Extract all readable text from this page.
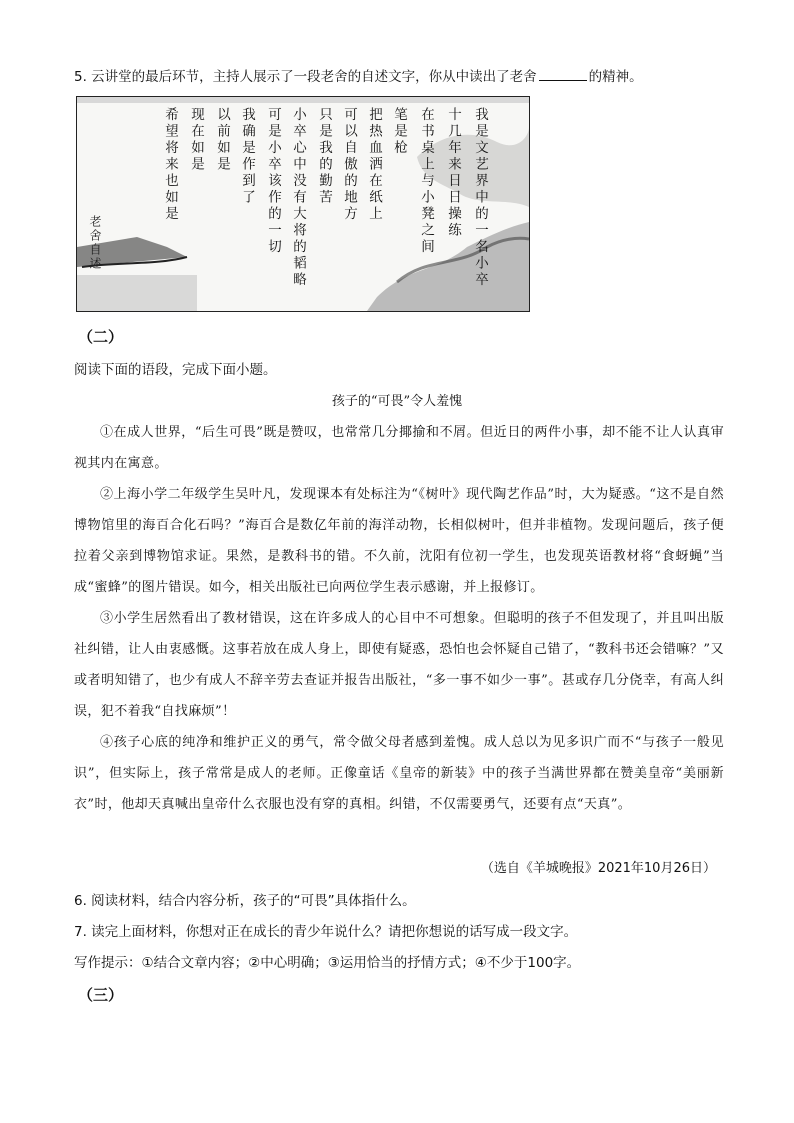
5. 云讲堂的最后环节，主持人展示了一段老舍的自述文字，你从中读出了老舍	的精神。
我是文艺界中的一名小卒
十几年来日日操练
在书桌上与小凳之间
笔是枪
把热血洒在纸上
可以自傲的地方
只是我的勤苦
小卒心中没有大将的韬略
可是小卒该作的一切
我确是作到了
以前如是
现在如是
希望将来也如是
老舍自述
（二）
阅读下面的语段，完成下面小题。
孩子的“可畏”令人羞愧
①在成人世界，“后生可畏”既是赞叹，也常常几分揶揄和不屑。但近日的两件小事，却不能不让人认真审视其内在寓意。
②上海小学二年级学生吴叶凡，发现课本有处标注为“《树叶》现代陶艺作品”时，大为疑惑。“这不是自然博物馆里的海百合化石吗？”海百合是数亿年前的海洋动物，长相似树叶，但并非植物。发现问题后，孩子便拉着父亲到博物馆求证。果然，是教科书的错。不久前，沈阳有位初一学生，也发现英语教材将“食蚜蝇”当成“蜜蜂”的图片错误。如今，相关出版社已向两位学生表示感谢，并上报修订。
③小学生居然看出了教材错误，这在许多成人的心目中不可想象。但聪明的孩子不但发现了，并且叫出版社纠错，让人由衷感慨。这事若放在成人身上，即使有疑惑，恐怕也会怀疑自己错了，“教科书还会错嘛？”又或者明知错了，也少有成人不辞辛劳去查证并报告出版社，“多一事不如少一事”。甚或存几分侥幸，有高人纠误，犯不着我“自找麻烦”！
④孩子心底的纯净和维护正义的勇气，常令做父母者感到羞愧。成人总以为见多识广而不“与孩子一般见识”，但实际上，孩子常常是成人的老师。正像童话《皇帝的新装》中的孩子当满世界都在赞美皇帝“美丽新衣”时，他却天真喊出皇帝什么衣服也没有穿的真相。纠错，不仅需要勇气，还要有点“天真”。
（选自《羊城晚报》2021年10月26日）
6. 阅读材料，结合内容分析，孩子的“可畏”具体指什么。
7. 读完上面材料，你想对正在成长的青少年说什么？请把你想说的话写成一段文字。
写作提示：①结合文章内容；②中心明确；③运用恰当的抒情方式；④不少于100字。
（三）
